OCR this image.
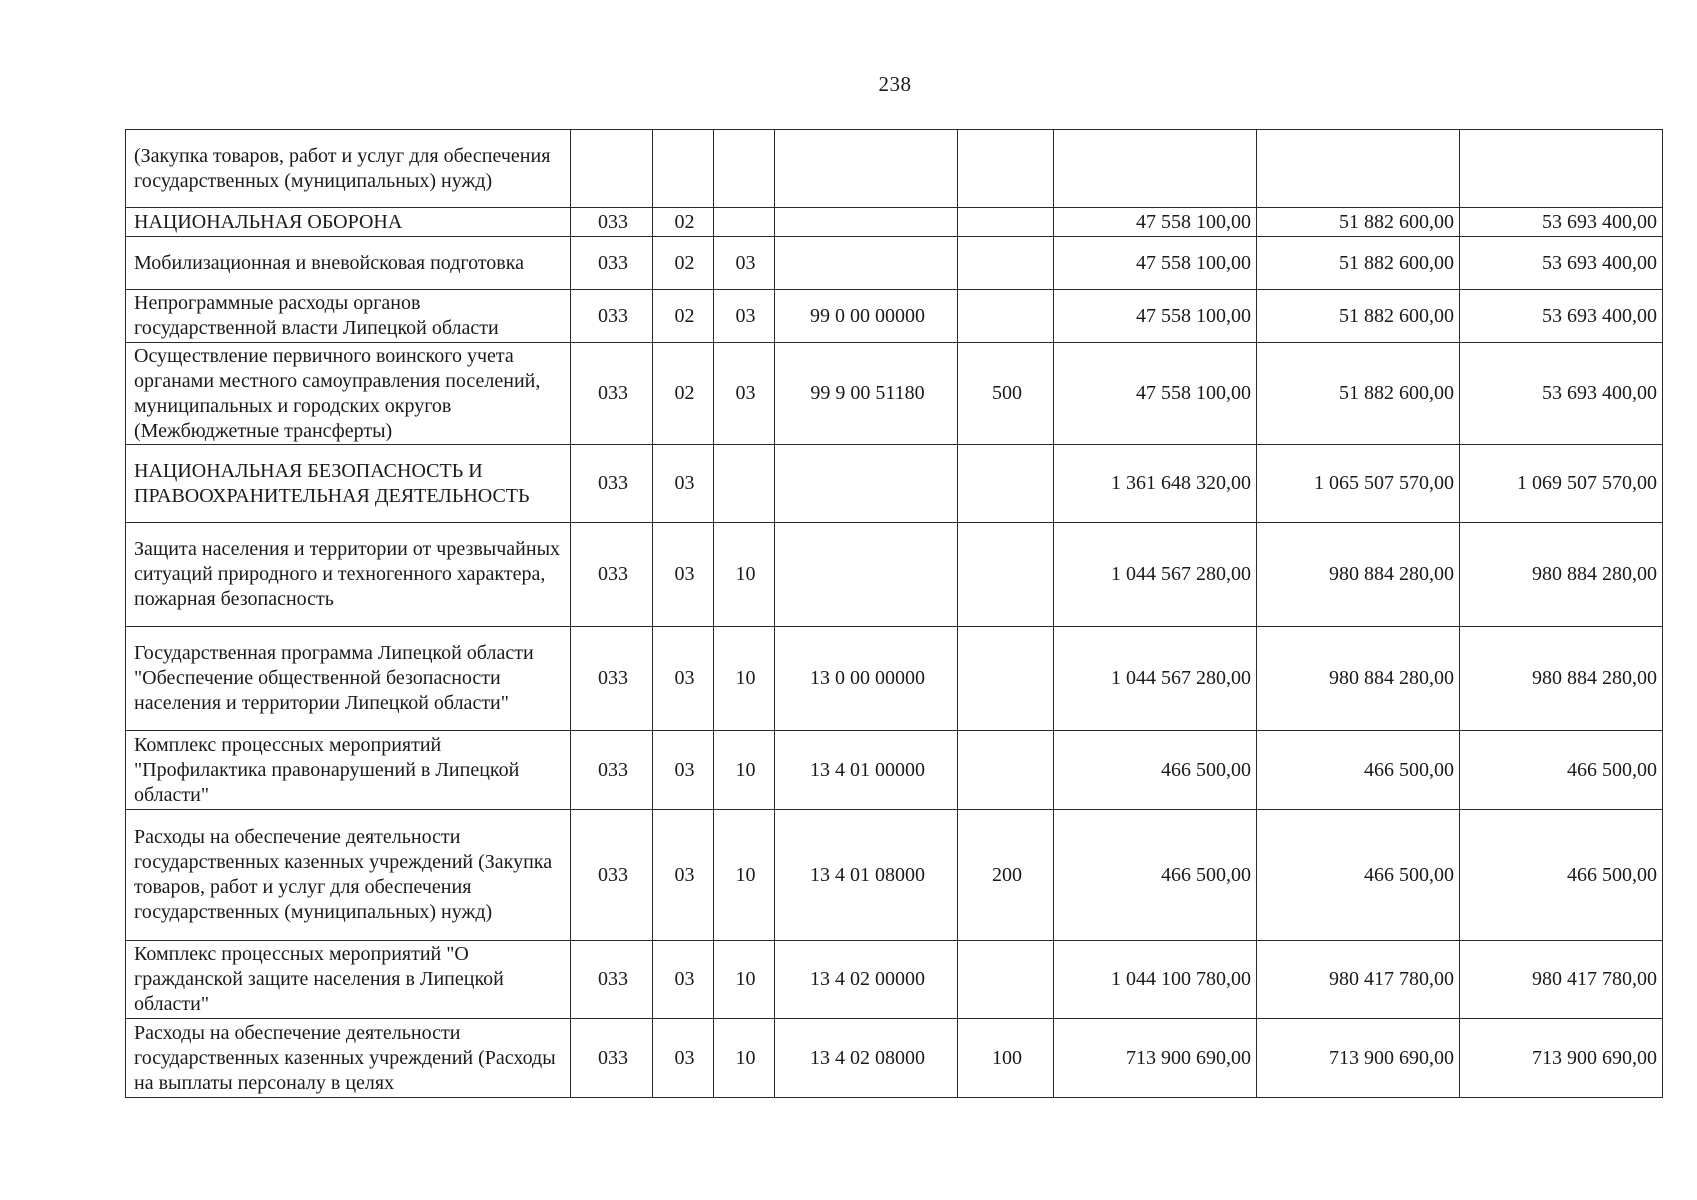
238
(Закупка товаров, работ и услуг для обеспечения государственных (муниципальных) нужд)								
НАЦИОНАЛЬНАЯ ОБОРОНА	033	02				47 558 100,00	51 882 600,00	53 693 400,00
Мобилизационная и вневойсковая подготовка	033	02	03			47 558 100,00	51 882 600,00	53 693 400,00
Непрограммные расходы органов государственной власти Липецкой области	033	02	03	99 0 00 00000		47 558 100,00	51 882 600,00	53 693 400,00
Осуществление первичного воинского учета органами местного самоуправления поселений, муниципальных и городских округов (Межбюджетные трансферты)	033	02	03	99 9 00 51180	500	47 558 100,00	51 882 600,00	53 693 400,00
НАЦИОНАЛЬНАЯ БЕЗОПАСНОСТЬ И ПРАВООХРАНИТЕЛЬНАЯ ДЕЯТЕЛЬНОСТЬ	033	03				1 361 648 320,00	1 065 507 570,00	1 069 507 570,00
Защита населения и территории от чрезвычайных ситуаций природного и техногенного характера, пожарная безопасность	033	03	10			1 044 567 280,00	980 884 280,00	980 884 280,00
Государственная программа Липецкой области "Обеспечение общественной безопасности населения и территории Липецкой области"	033	03	10	13 0 00 00000		1 044 567 280,00	980 884 280,00	980 884 280,00
Комплекс процессных мероприятий "Профилактика правонарушений в Липецкой области"	033	03	10	13 4 01 00000		466 500,00	466 500,00	466 500,00
Расходы на обеспечение деятельности государственных казенных учреждений (Закупка товаров, работ и услуг для обеспечения государственных (муниципальных) нужд)	033	03	10	13 4 01 08000	200	466 500,00	466 500,00	466 500,00
Комплекс процессных мероприятий "О гражданской защите населения в Липецкой области"	033	03	10	13 4 02 00000		1 044 100 780,00	980 417 780,00	980 417 780,00
Расходы на обеспечение деятельности государственных казенных учреждений (Расходы на выплаты персоналу в целях	033	03	10	13 4 02 08000	100	713 900 690,00	713 900 690,00	713 900 690,00
